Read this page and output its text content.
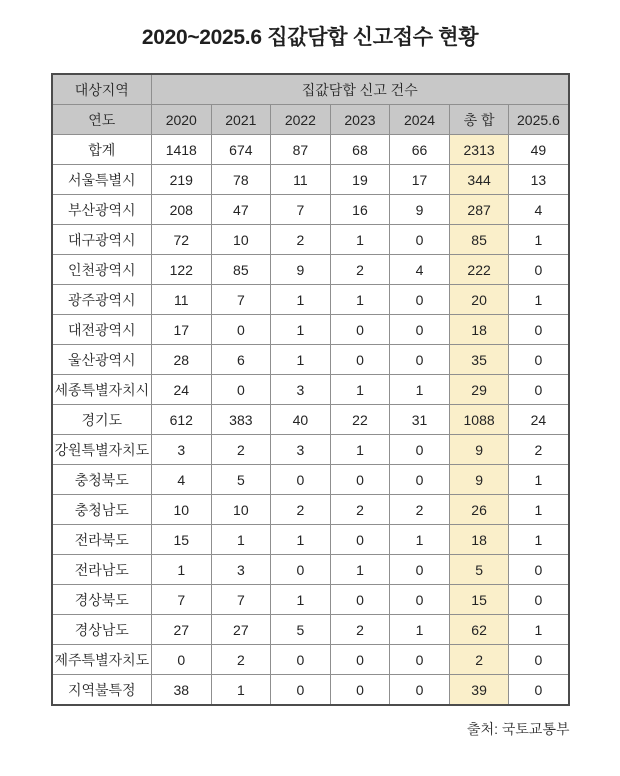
2020~2025.6 집값담합 신고접수 현황
대상지역	집값담합 신고 건수						
연도	2020	2021	2022	2023	2024	총 합	2025.6
합계	1418	674	87	68	66	2313	49
서울특별시	219	78	11	19	17	344	13
부산광역시	208	47	7	16	9	287	4
대구광역시	72	10	2	1	0	85	1
인천광역시	122	85	9	2	4	222	0
광주광역시	11	7	1	1	0	20	1
대전광역시	17	0	1	0	0	18	0
울산광역시	28	6	1	0	0	35	0
세종특별자치시	24	0	3	1	1	29	0
경기도	612	383	40	22	31	1088	24
강원특별자치도	3	2	3	1	0	9	2
충청북도	4	5	0	0	0	9	1
충청남도	10	10	2	2	2	26	1
전라북도	15	1	1	0	1	18	1
전라남도	1	3	0	1	0	5	0
경상북도	7	7	1	0	0	15	0
경상남도	27	27	5	2	1	62	1
제주특별자치도	0	2	0	0	0	2	0
지역불특정	38	1	0	0	0	39	0
출처: 국토교통부
